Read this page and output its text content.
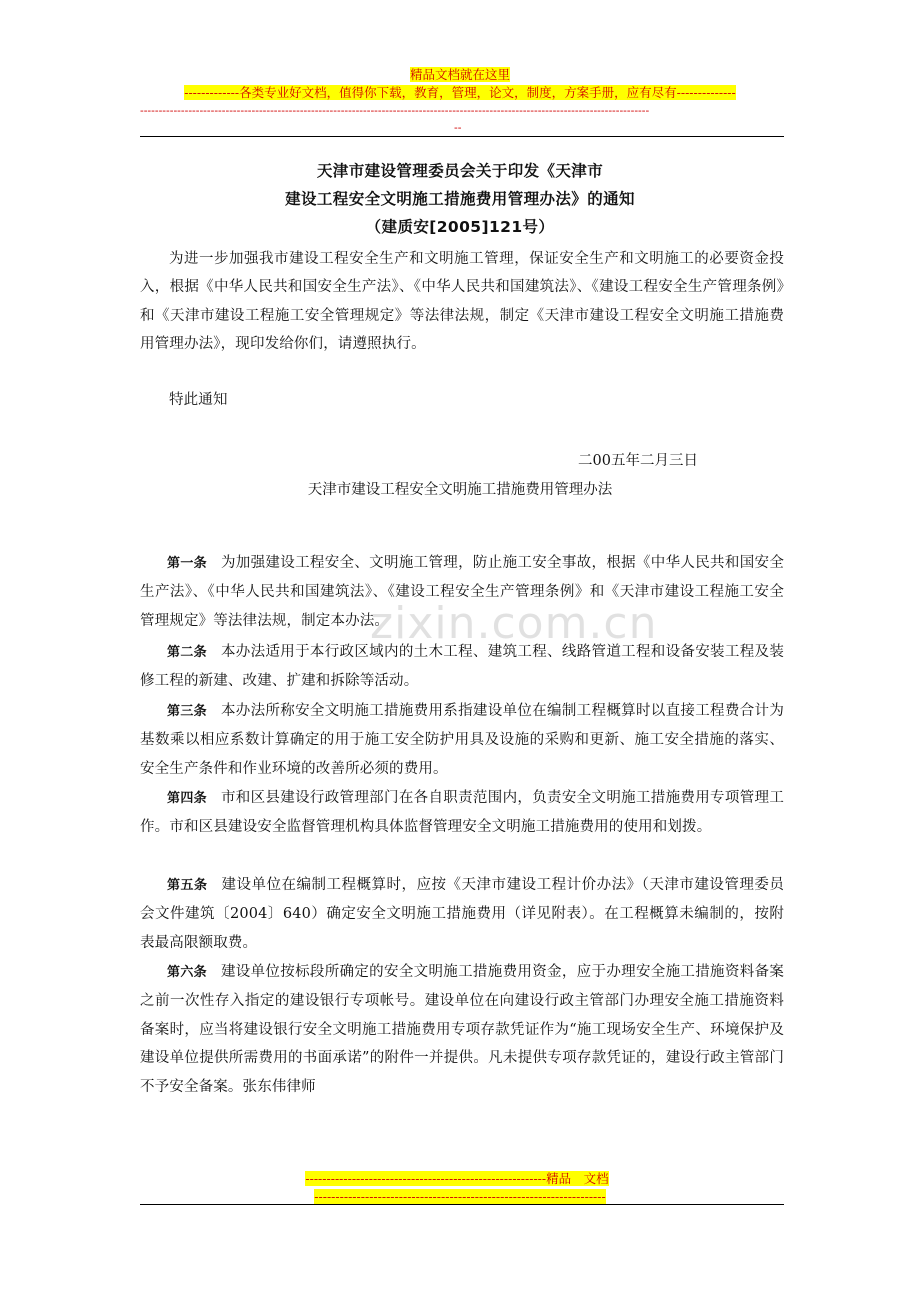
精品文档就在这里
-------------各类专业好文档，值得你下载，教育，管理，论文，制度，方案手册，应有尽有--------------
-----------------------------------------------------------------------------------------------------------------------------------------
--
天津市建设管理委员会关于印发《天津市
建设工程安全文明施工措施费用管理办法》的通知
（建质安[2005]121号）
为进一步加强我市建设工程安全生产和文明施工管理，保证安全生产和文明施工的必要资金投入，根据《中华人民共和国安全生产法》、《中华人民共和国建筑法》、《建设工程安全生产管理条例》和《天津市建设工程施工安全管理规定》等法律法规，制定《天津市建设工程安全文明施工措施费用管理办法》，现印发给你们，请遵照执行。
特此通知
二00五年二月三日
天津市建设工程安全文明施工措施费用管理办法
zixin.com.cn
第一条 为加强建设工程安全、文明施工管理，防止施工安全事故，根据《中华人民共和国安全生产法》、《中华人民共和国建筑法》、《建设工程安全生产管理条例》和《天津市建设工程施工安全管理规定》等法律法规，制定本办法。
第二条 本办法适用于本行政区域内的土木工程、建筑工程、线路管道工程和设备安装工程及装修工程的新建、改建、扩建和拆除等活动。
第三条 本办法所称安全文明施工措施费用系指建设单位在编制工程概算时以直接工程费合计为基数乘以相应系数计算确定的用于施工安全防护用具及设施的采购和更新、施工安全措施的落实、安全生产条件和作业环境的改善所必须的费用。
第四条 市和区县建设行政管理部门在各自职责范围内，负责安全文明施工措施费用专项管理工作。市和区县建设安全监督管理机构具体监督管理安全文明施工措施费用的使用和划拨。
第五条 建设单位在编制工程概算时，应按《天津市建设工程计价办法》（天津市建设管理委员会文件建筑〔2004〕640）确定安全文明施工措施费用（详见附表）。在工程概算未编制的，按附表最高限额取费。
第六条 建设单位按标段所确定的安全文明施工措施费用资金，应于办理安全施工措施资料备案之前一次性存入指定的建设银行专项帐号。建设单位在向建设行政主管部门办理安全施工措施资料备案时，应当将建设银行安全文明施工措施费用专项存款凭证作为“施工现场安全生产、环境保护及建设单位提供所需费用的书面承诺”的附件一并提供。凡未提供专项存款凭证的，建设行政主管部门不予安全备案。张东伟律师
---------------------------------------------------------精品　文档
---------------------------------------------------------------------
